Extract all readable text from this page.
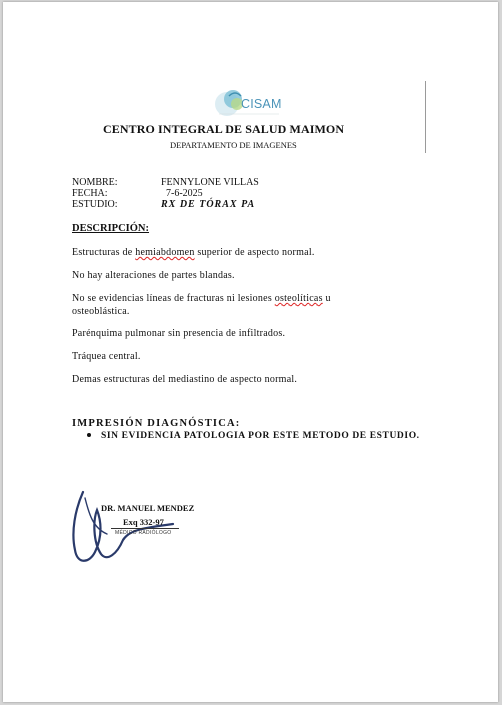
CISAM
CENTRO INTEGRAL DE SALUD MAIMON
DEPARTAMENTO DE IMAGENES
NOMBRE:	FENNYLONE VILLAS
FECHA:	7-6-2025
ESTUDIO:	RX DE TÓRAX PA
DESCRIPCIÓN:
Estructuras de hemiabdomen superior de aspecto normal.
No hay alteraciones de partes blandas.
No se evidencias líneas de fracturas ni lesiones osteolíticas u osteoblástica.
Parénquima pulmonar sin presencia de infiltrados.
Tráquea central.
Demas estructuras del mediastino de aspecto normal.
IMPRESIÓN DIAGNÓSTICA:
SIN EVIDENCIA PATOLOGIA POR ESTE METODO DE ESTUDIO.
DR. MANUEL MENDEZ
Exq 332-97
MÉDICO RADIÓLOGO
